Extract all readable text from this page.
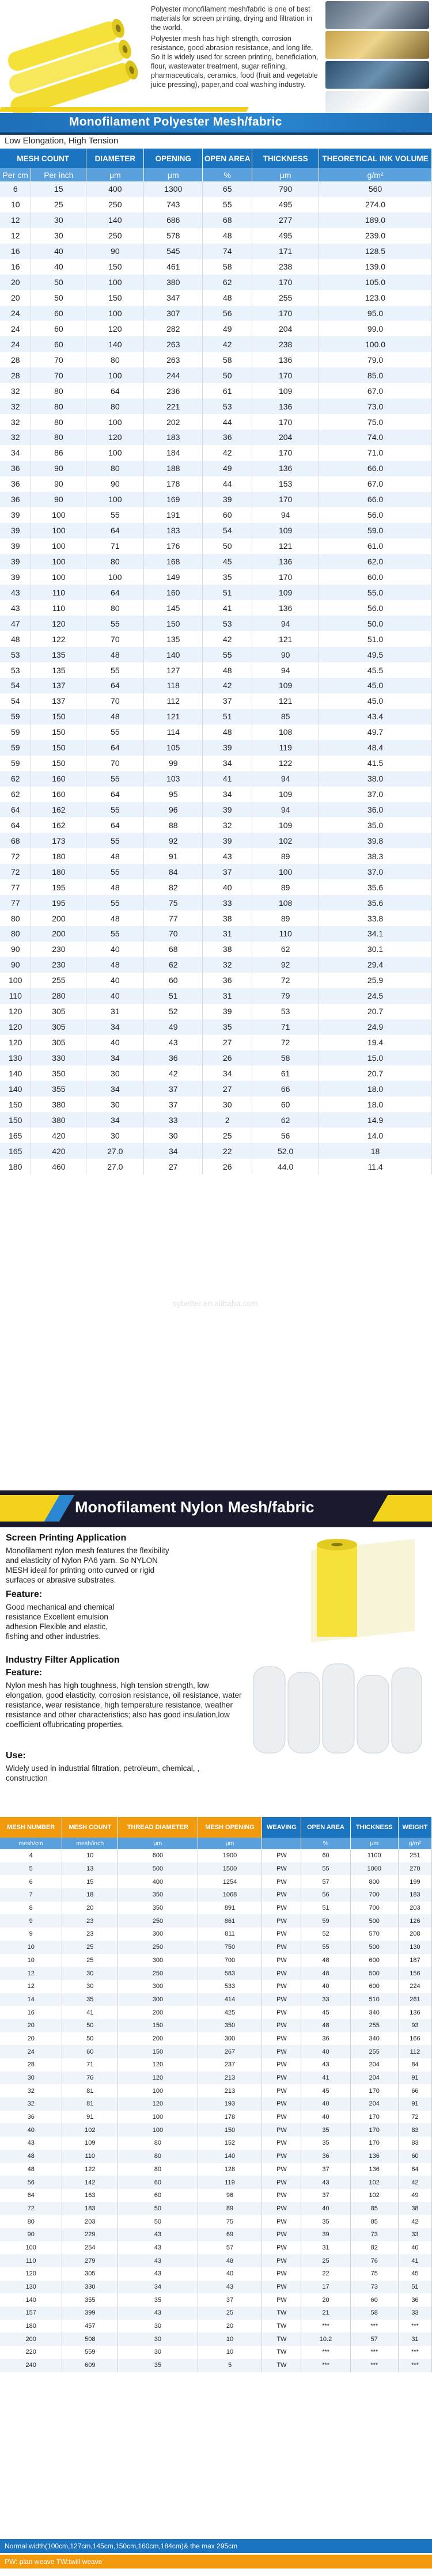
Polyester monofilament mesh/fabric is one of best materials for screen printing, drying and filtration in the world.

Polyester mesh has high strength, corrosion resistance, good abrasion resistance, and long life. So it is widely used for screen printing, beneficiation, flour, wastewater treatment, sugar refining, pharmaceuticals, ceramics, food (fruit and vegetable juice pressing), paper,and coal washing industry.

Monofilament Polyester Mesh/fabric
Low Elongation, High Tension
MESH COUNT		DIAMETER	OPENING	OPEN AREA	THICKNESS	THEORETICAL INK VOLUME
Per cm	Per inch	μm	μm	%	μm	g/m²
6	15	400	1300	65	790	560
10	25	250	743	55	495	274.0
12	30	140	686	68	277	189.0
12	30	250	578	48	495	239.0
16	40	90	545	74	171	128.5
16	40	150	461	58	238	139.0
20	50	100	380	62	170	105.0
20	50	150	347	48	255	123.0
24	60	100	307	56	170	95.0
24	60	120	282	49	204	99.0
24	60	140	263	42	238	100.0
28	70	80	263	58	136	79.0
28	70	100	244	50	170	85.0
32	80	64	236	61	109	67.0
32	80	80	221	53	136	73.0
32	80	100	202	44	170	75.0
32	80	120	183	36	204	74.0
34	86	100	184	42	170	71.0
36	90	80	188	49	136	66.0
36	90	90	178	44	153	67.0
36	90	100	169	39	170	66.0
39	100	55	191	60	94	56.0
39	100	64	183	54	109	59.0
39	100	71	176	50	121	61.0
39	100	80	168	45	136	62.0
39	100	100	149	35	170	60.0
43	110	64	160	51	109	55.0
43	110	80	145	41	136	56.0
47	120	55	150	53	94	50.0
48	122	70	135	42	121	51.0
53	135	48	140	55	90	49.5
53	135	55	127	48	94	45.5
54	137	64	118	42	109	45.0
54	137	70	112	37	121	45.0
59	150	48	121	51	85	43.4
59	150	55	114	48	108	49.7
59	150	64	105	39	119	48.4
59	150	70	99	34	122	41.5
62	160	55	103	41	94	38.0
62	160	64	95	34	109	37.0
64	162	55	96	39	94	36.0
64	162	64	88	32	109	35.0
68	173	55	92	39	102	39.8
72	180	48	91	43	89	38.3
72	180	55	84	37	100	37.0
77	195	48	82	40	89	35.6
77	195	55	75	33	108	35.6
80	200	48	77	38	89	33.8
80	200	55	70	31	110	34.1
90	230	40	68	38	62	30.1
90	230	48	62	32	92	29.4
100	255	40	60	36	72	25.9
110	280	40	51	31	79	24.5
120	305	31	52	39	53	20.7
120	305	34	49	35	71	24.9
120	305	40	43	27	72	19.4
130	330	34	36	26	58	15.0
140	350	30	42	34	61	20.7
140	355	34	37	27	66	18.0
150	380	30	37	30	60	18.0
150	380	34	33	2	62	14.9
165	420	30	30	25	56	14.0
165	420	27.0	34	22	52.0	18
180	460	27.0	27	26	44.0	11.4
sybetter.en.alibaba.com
Monofilament Nylon Mesh/fabric
Screen Printing Application
Monofilament nylon mesh features the flexibility and elasticity of Nylon PA6 yarn. So NYLON MESH ideal for printing onto curved or rigid surfaces or abrasive substrates.
Feature:
Good mechanical and chemical resistance Excellent emulsion adhesion Flexible and elastic, fishing and other industries.
Industry Filter Application
Feature:
Nylon mesh has high toughness, high tension strength, low elongation, good elasticity, corrosion resistance, oil resistance, water resistance, wear resistance, high temperature resistance, weather resistance and other characteristics; also has good insulation,low coefficient offubricating properties.
Use:
Widely used in industrial filtration, petroleum, chemical, , construction
MESH NUMBER	MESH COUNT	THREAD DIAMETER	MESH OPENING	WEAVING	OPEN AREA	THICKNESS	WEIGHT
mesh/cm	mesh/inch	μm	μm		%	μm	g/m²
4	10	600	1900	PW	60	1100	251
5	13	500	1500	PW	55	1000	270
6	15	400	1254	PW	57	800	199
7	18	350	1068	PW	56	700	183
8	20	350	891	PW	51	700	203
9	23	250	861	PW	59	500	126
9	23	300	811	PW	52	570	208
10	25	250	750	PW	55	500	130
10	25	300	700	PW	48	600	187
12	30	250	583	PW	48	500	156
12	30	300	533	PW	40	600	224
14	35	300	414	PW	33	510	261
16	41	200	425	PW	45	340	136
20	50	150	350	PW	48	255	93
20	50	200	300	PW	36	340	166
24	60	150	267	PW	40	255	112
28	71	120	237	PW	43	204	84
30	76	120	213	PW	41	204	91
32	81	100	213	PW	45	170	66
32	81	120	193	PW	40	204	91
36	91	100	178	PW	40	170	72
40	102	100	150	PW	35	170	83
43	109	80	152	PW	35	170	83
48	110	80	140	PW	36	136	60
48	122	80	128	PW	37	136	64
56	142	60	119	PW	43	102	42
64	163	60	96	PW	37	102	49
72	183	50	89	PW	40	85	38
80	203	50	75	PW	35	85	42
90	229	43	69	PW	39	73	33
100	254	43	57	PW	31	82	40
110	279	43	48	PW	25	76	41
120	305	43	40	PW	22	75	45
130	330	34	43	PW	17	73	51
140	355	35	37	PW	20	60	36
157	399	43	25	TW	21	58	33
180	457	30	20	TW	***	***	***
200	508	30	10	TW	10.2	57	31
220	559	30	10	TW	***	***	***
240	609	35	5	TW	***	***	***
Normal width(100cm,127cm,145cm,150cm,160cm,184cm)& the max 295cm
PW: plan weave TW:twill weave
